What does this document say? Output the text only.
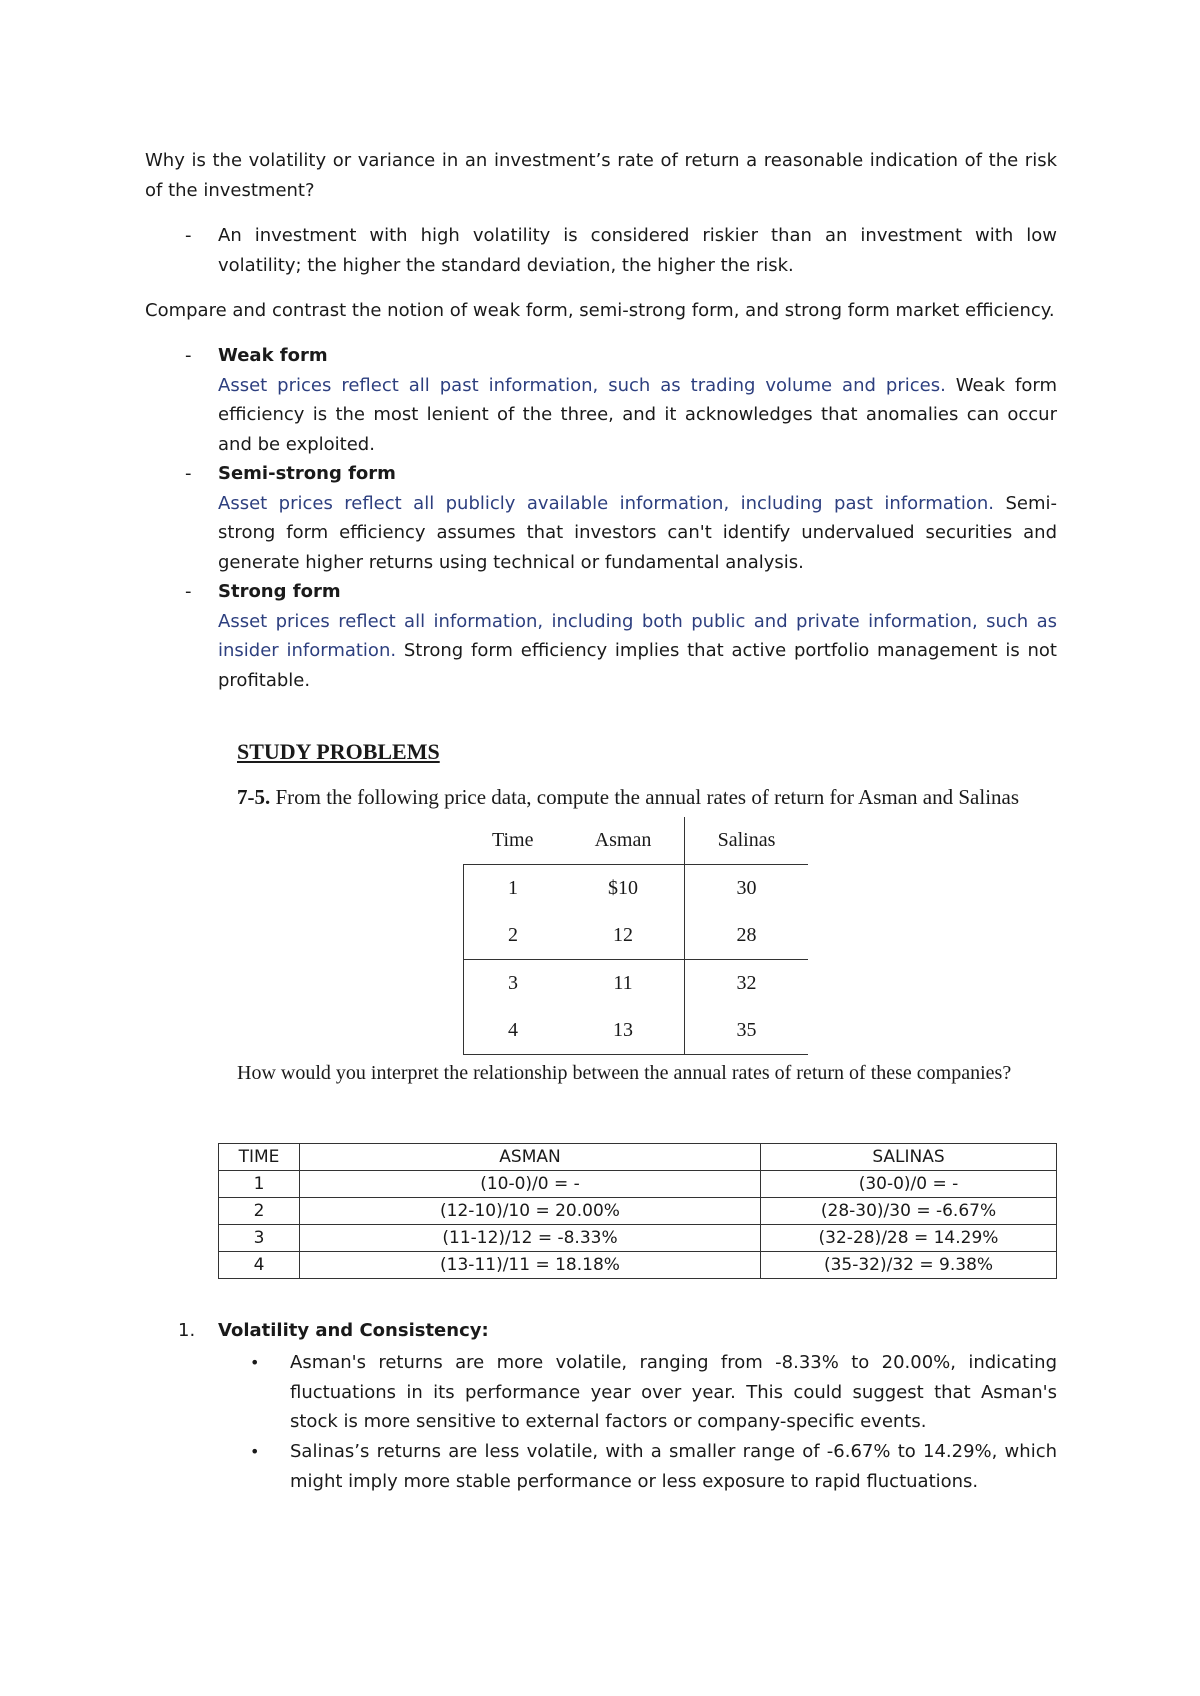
Why is the volatility or variance in an investment’s rate of return a reasonable indication of the risk of the investment?
- An investment with high volatility is considered riskier than an investment with low volatility; the higher the standard deviation, the higher the risk.
Compare and contrast the notion of weak form, semi-strong form, and strong form market efficiency.
- Weak form
Asset prices reflect all past information, such as trading volume and prices. Weak form efficiency is the most lenient of the three, and it acknowledges that anomalies can occur and be exploited.
- Semi-strong form
Asset prices reflect all publicly available information, including past information. Semi-strong form efficiency assumes that investors can't identify undervalued securities and generate higher returns using technical or fundamental analysis.
- Strong form
Asset prices reflect all information, including both public and private information, such as insider information. Strong form efficiency implies that active portfolio management is not profitable.
STUDY PROBLEMS
7-5. From the following price data, compute the annual rates of return for Asman and Salinas
Time	Asman	Salinas
1	$10	30
2	12	28
3	11	32
4	13	35
How would you interpret the relationship between the annual rates of return of these companies?
TIME	ASMAN	SALINAS
1	(10-0)/0 = -	(30-0)/0 = -
2	(12-10)/10 = 20.00%	(28-30)/30 = -6.67%
3	(11-12)/12 = -8.33%	(32-28)/28 = 14.29%
4	(13-11)/11 = 18.18%	(35-32)/32 = 9.38%
1. Volatility and Consistency:
• Asman's returns are more volatile, ranging from -8.33% to 20.00%, indicating fluctuations in its performance year over year. This could suggest that Asman's stock is more sensitive to external factors or company-specific events.
• Salinas’s returns are less volatile, with a smaller range of -6.67% to 14.29%, which might imply more stable performance or less exposure to rapid fluctuations.
